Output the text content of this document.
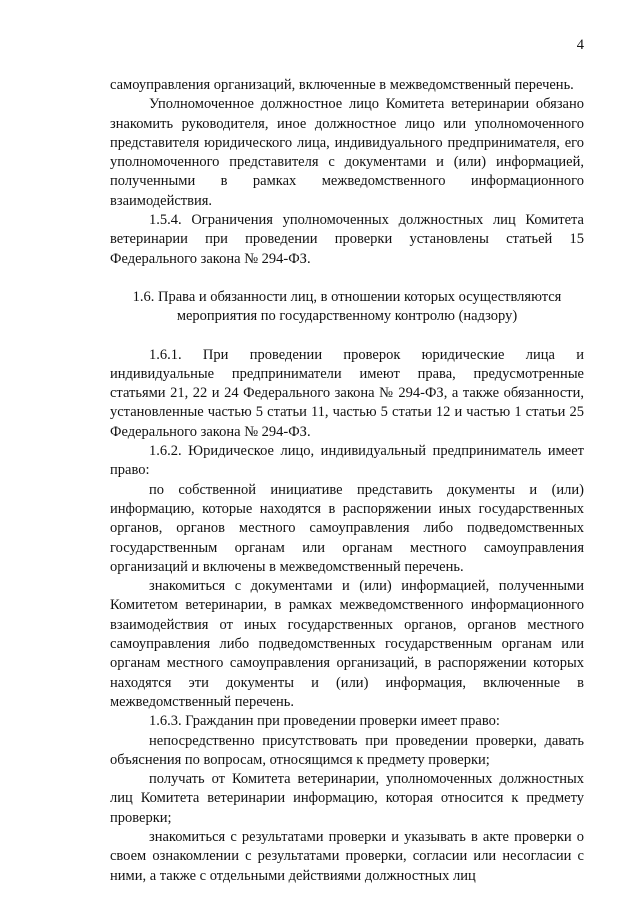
4

самоуправления организаций, включенные в межведомственный перечень.

Уполномоченное должностное лицо Комитета ветеринарии обязано знакомить руководителя, иное должностное лицо или уполномоченного представителя юридического лица, индивидуального предпринимателя, его уполномоченного представителя с документами и (или) информацией, полученными в рамках межведомственного информационного взаимодействия.

1.5.4. Ограничения уполномоченных должностных лиц Комитета ветеринарии при проведении проверки установлены статьей 15 Федерального закона № 294-ФЗ.

1.6. Права и обязанности лиц, в отношении которых осуществляются

мероприятия по государственному контролю (надзору)

1.6.1. При проведении проверок юридические лица и индивидуальные предприниматели имеют права, предусмотренные статьями 21, 22 и 24 Федерального закона № 294-ФЗ, а также обязанности, установленные частью 5 статьи 11, частью 5 статьи 12 и частью 1 статьи 25 Федерального закона № 294-ФЗ.

1.6.2. Юридическое лицо, индивидуальный предприниматель имеет право:

по собственной инициативе представить документы и (или) информацию, которые находятся в распоряжении иных государственных органов, органов местного самоуправления либо подведомственных государственным органам или органам местного самоуправления организаций и включены в межведомственный перечень.

знакомиться с документами и (или) информацией, полученными Комитетом ветеринарии, в рамках межведомственного информационного взаимодействия от иных государственных органов, органов местного самоуправления либо подведомственных государственным органам или органам местного самоуправления организаций, в распоряжении которых находятся эти документы и (или) информация, включенные в межведомственный перечень.

1.6.3. Гражданин при проведении проверки имеет право:

непосредственно присутствовать при проведении проверки, давать объяснения по вопросам, относящимся к предмету проверки;

получать от Комитета ветеринарии, уполномоченных должностных лиц Комитета ветеринарии информацию, которая относится к предмету проверки;

знакомиться с результатами проверки и указывать в акте проверки о своем ознакомлении с результатами проверки, согласии или несогласии с ними, а также с отдельными действиями должностных лиц
